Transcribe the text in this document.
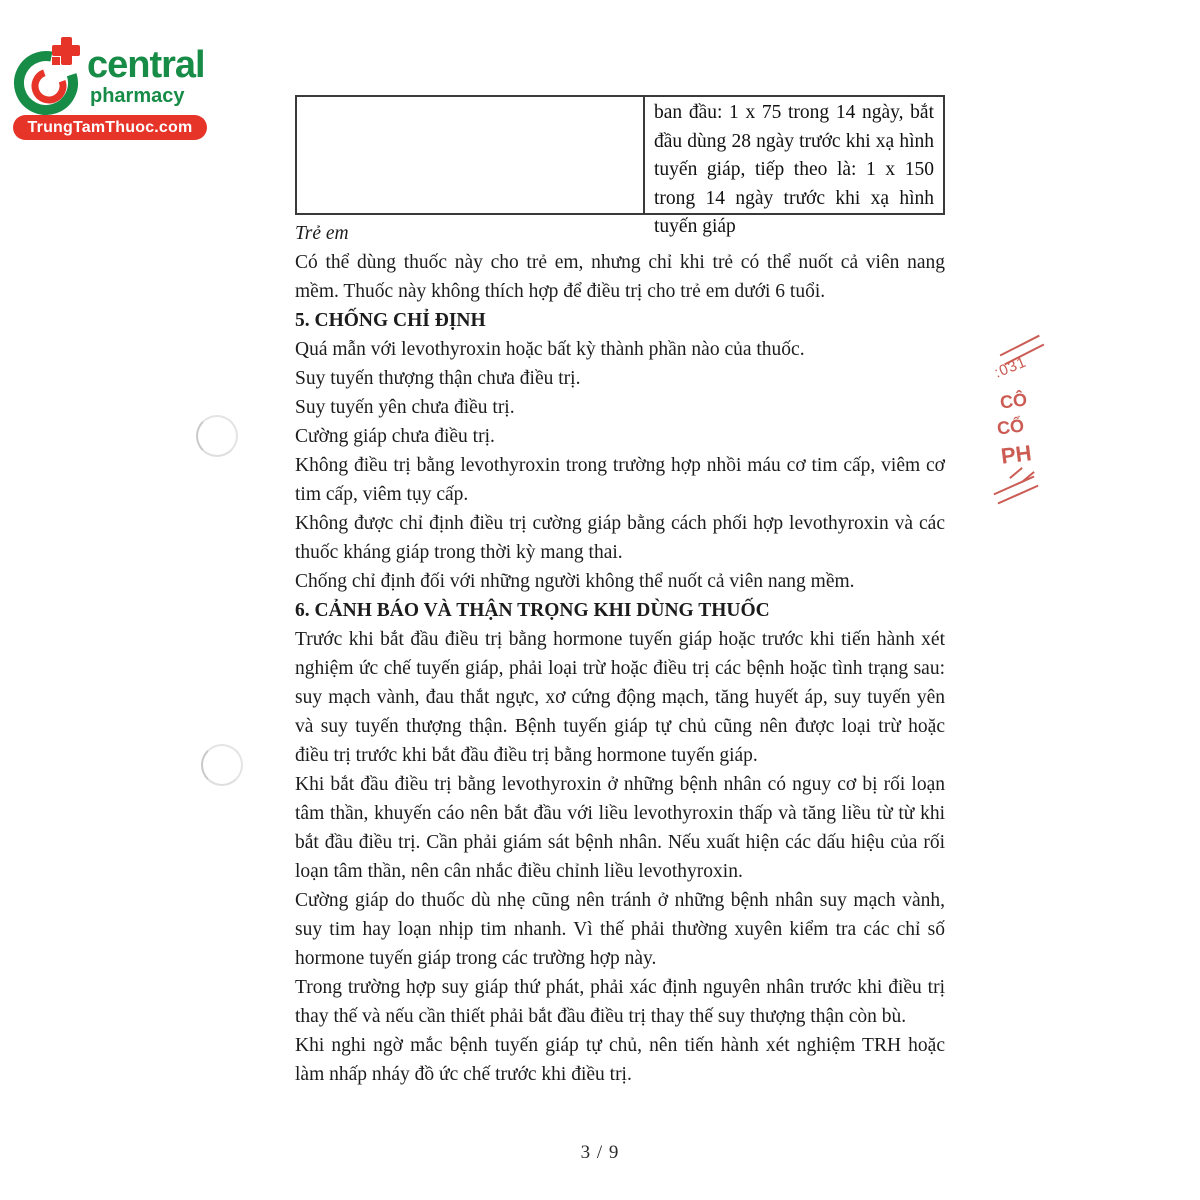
central
pharmacy
TrungTamThuoc.com
ban đầu: 1 x 75 trong 14 ngày, bắt đầu dùng 28 ngày trước khi xạ hình tuyến giáp, tiếp theo là: 1 x 150 trong 14 ngày trước khi xạ hình tuyến giáp

Trẻ em

Có thể dùng thuốc này cho trẻ em, nhưng chỉ khi trẻ có thể nuốt cả viên nang mềm. Thuốc này không thích hợp để điều trị cho trẻ em dưới 6 tuổi.

5. CHỐNG CHỈ ĐỊNH

Quá mẫn với levothyroxin hoặc bất kỳ thành phần nào của thuốc.

Suy tuyến thượng thận chưa điều trị.

Suy tuyến yên chưa điều trị.

Cường giáp chưa điều trị.

Không điều trị bằng levothyroxin trong trường hợp nhồi máu cơ tim cấp, viêm cơ tim cấp, viêm tụy cấp.

Không được chỉ định điều trị cường giáp bằng cách phối hợp levothyroxin và các thuốc kháng giáp trong thời kỳ mang thai.

Chống chỉ định đối với những người không thể nuốt cả viên nang mềm.

6. CẢNH BÁO VÀ THẬN TRỌNG KHI DÙNG THUỐC

Trước khi bắt đầu điều trị bằng hormone tuyến giáp hoặc trước khi tiến hành xét nghiệm ức chế tuyến giáp, phải loại trừ hoặc điều trị các bệnh hoặc tình trạng sau: suy mạch vành, đau thắt ngực, xơ cứng động mạch, tăng huyết áp, suy tuyến yên và suy tuyến thượng thận. Bệnh tuyến giáp tự chủ cũng nên được loại trừ hoặc điều trị trước khi bắt đầu điều trị bằng hormone tuyến giáp.

Khi bắt đầu điều trị bằng levothyroxin ở những bệnh nhân có nguy cơ bị rối loạn tâm thần, khuyến cáo nên bắt đầu với liều levothyroxin thấp và tăng liều từ từ khi bắt đầu điều trị. Cần phải giám sát bệnh nhân. Nếu xuất hiện các dấu hiệu của rối loạn tâm thần, nên cân nhắc điều chỉnh liều levothyroxin.

Cường giáp do thuốc dù nhẹ cũng nên tránh ở những bệnh nhân suy mạch vành, suy tim hay loạn nhịp tim nhanh. Vì thế phải thường xuyên kiểm tra các chỉ số hormone tuyến giáp trong các trường hợp này.

Trong trường hợp suy giáp thứ phát, phải xác định nguyên nhân trước khi điều trị thay thế và nếu cần thiết phải bắt đầu điều trị thay thế suy thượng thận còn bù.

Khi nghi ngờ mắc bệnh tuyến giáp tự chủ, nên tiến hành xét nghiệm TRH hoặc làm nhấp nháy đồ ức chế trước khi điều trị.

:031
CÔ
CỔ
PH
3 / 9
